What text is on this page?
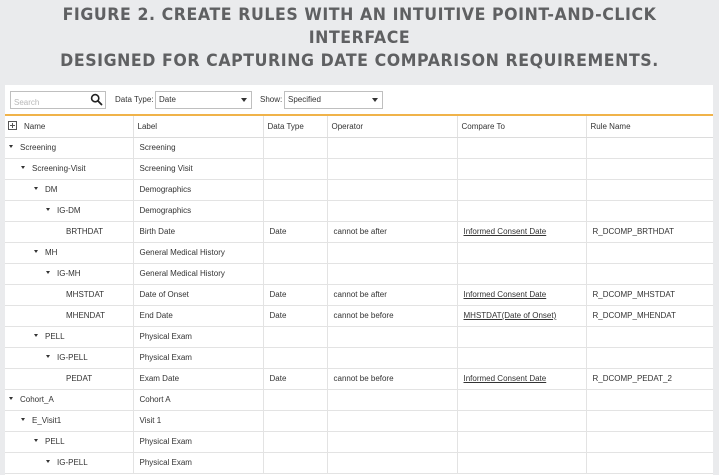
FIGURE 2. CREATE RULES WITH AN INTUITIVE POINT-AND-CLICK INTERFACE
DESIGNED FOR CAPTURING DATE COMPARISON REQUIREMENTS.
Search
Data Type: Date	Show: Specified
Name	Label	Data Type	Operator	Compare To	Rule Name
Screening	Screening				
Screening-Visit	Screening Visit				
DM	Demographics				
IG-DM	Demographics				
BRTHDAT	Birth Date	Date	cannot be after	Informed Consent Date	R_DCOMP_BRTHDAT
MH	General Medical History				
IG-MH	General Medical History				
MHSTDAT	Date of Onset	Date	cannot be after	Informed Consent Date	R_DCOMP_MHSTDAT
MHENDAT	End Date	Date	cannot be before	MHSTDAT(Date of Onset)	R_DCOMP_MHENDAT
PELL	Physical Exam				
IG-PELL	Physical Exam				
PEDAT	Exam Date	Date	cannot be before	Informed Consent Date	R_DCOMP_PEDAT_2
Cohort_A	Cohort A				
E_Visit1	Visit 1				
PELL	Physical Exam				
IG-PELL	Physical Exam				
